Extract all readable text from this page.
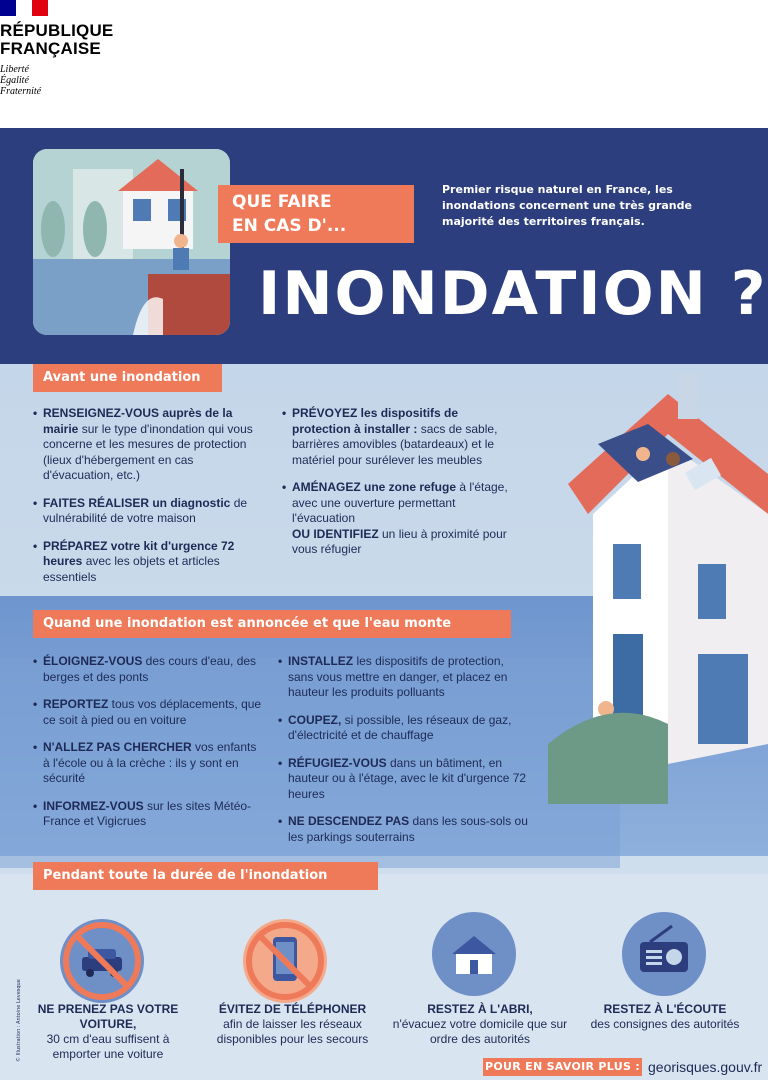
RÉPUBLIQUE
FRANÇAISE
Liberté
Égalité
Fraternité
QUE FAIRE
EN CAS D'...
Premier risque naturel en France, les inondations concernent une très grande majorité des territoires français.
INONDATION ?
Avant une inondation
• RENSEIGNEZ-VOUS auprès de la mairie sur le type d'inondation qui vous concerne et les mesures de protection (lieux d'hébergement en cas d'évacuation, etc.)
• FAITES RÉALISER un diagnostic de vulnérabilité de votre maison
• PRÉPAREZ votre kit d'urgence 72 heures avec les objets et articles essentiels
• PRÉVOYEZ les dispositifs de protection à installer : sacs de sable, barrières amovibles (batardeaux) et le matériel pour surélever les meubles
• AMÉNAGEZ une zone refuge à l'étage, avec une ouverture permettant l'évacuation
OU IDENTIFIEZ un lieu à proximité pour vous réfugier
Quand une inondation est annoncée et que l'eau monte
• ÉLOIGNEZ-VOUS des cours d'eau, des berges et des ponts
• REPORTEZ tous vos déplacements, que ce soit à pied ou en voiture
• N'ALLEZ PAS CHERCHER vos enfants à l'école ou à la crèche : ils y sont en sécurité
• INFORMEZ-VOUS sur les sites Météo-France et Vigicrues
• INSTALLEZ les dispositifs de protection, sans vous mettre en danger, et placez en hauteur les produits polluants
• COUPEZ, si possible, les réseaux de gaz, d'électricité et de chauffage
• RÉFUGIEZ-VOUS dans un bâtiment, en hauteur ou à l'étage, avec le kit d'urgence 72 heures
• NE DESCENDEZ PAS dans les sous-sols ou les parkings souterrains
Pendant toute la durée de l'inondation
NE PRENEZ PAS VOTRE VOITURE,
30 cm d'eau suffisent à emporter une voiture
ÉVITEZ DE TÉLÉPHONER
afin de laisser les réseaux disponibles pour les secours
RESTEZ À L'ABRI,
n'évacuez votre domicile que sur ordre des autorités
RESTEZ À L'ÉCOUTE
des consignes des autorités
© Illustration : Antoine Levesque
POUR EN SAVOIR PLUS : georisques.gouv.fr
